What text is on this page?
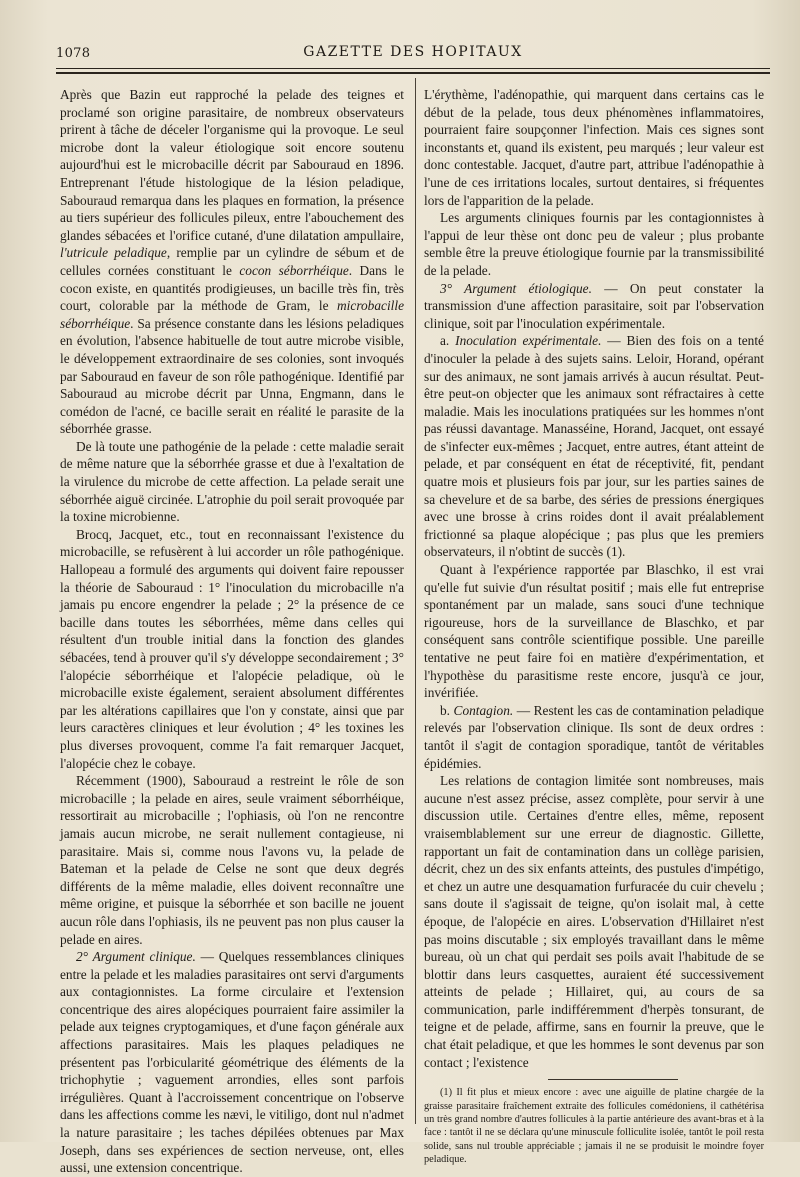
1078	GAZETTE DES HOPITAUX

Après que Bazin eut rapproché la pelade des teignes et proclamé son origine parasitaire, de nombreux observateurs prirent à tâche de déceler l'organisme qui la provoque. Le seul microbe dont la valeur étiologique soit encore soutenu aujourd'hui est le microbacille décrit par Sabouraud en 1896. Entreprenant l'étude histologique de la lésion peladique, Sabouraud remarqua dans les plaques en formation, la présence au tiers supérieur des follicules pileux, entre l'abouchement des glandes sébacées et l'orifice cutané, d'une dilatation ampullaire, l'utricule peladique, remplie par un cylindre de sébum et de cellules cornées constituant le cocon séborrhéique. Dans le cocon existe, en quantités prodigieuses, un bacille très fin, très court, colorable par la méthode de Gram, le microbacille séborrhéique. Sa présence constante dans les lésions peladiques en évolution, l'absence habituelle de tout autre microbe visible, le développement extraordinaire de ses colonies, sont invoqués par Sabouraud en faveur de son rôle pathogénique. Identifié par Sabouraud au microbe décrit par Unna, Engmann, dans le comédon de l'acné, ce bacille serait en réalité le parasite de la séborrhée grasse.

De là toute une pathogénie de la pelade : cette maladie serait de même nature que la séborrhée grasse et due à l'exaltation de la virulence du microbe de cette affection. La pelade serait une séborrhée aiguë circinée. L'atrophie du poil serait provoquée par la toxine microbienne.

Brocq, Jacquet, etc., tout en reconnaissant l'existence du microbacille, se refusèrent à lui accorder un rôle pathogénique. Hallopeau a formulé des arguments qui doivent faire repousser la théorie de Sabouraud : 1° l'inoculation du microbacille n'a jamais pu encore engendrer la pelade ; 2° la présence de ce bacille dans toutes les séborrhées, même dans celles qui résultent d'un trouble initial dans la fonction des glandes sébacées, tend à prouver qu'il s'y développe secondairement ; 3° l'alopécie séborrhéique et l'alopécie peladique, où le microbacille existe également, seraient absolument différentes par les altérations capillaires que l'on y constate, ainsi que par leurs caractères cliniques et leur évolution ; 4° les toxines les plus diverses provoquent, comme l'a fait remarquer Jacquet, l'alopécie chez le cobaye.

Récemment (1900), Sabouraud a restreint le rôle de son microbacille ; la pelade en aires, seule vraiment séborrhéique, ressortirait au microbacille ; l'ophiasis, où l'on ne rencontre jamais aucun microbe, ne serait nullement contagieuse, ni parasitaire. Mais si, comme nous l'avons vu, la pelade de Bateman et la pelade de Celse ne sont que deux degrés différents de la même maladie, elles doivent reconnaître une même origine, et puisque la séborrhée et son bacille ne jouent aucun rôle dans l'ophiasis, ils ne peuvent pas non plus causer la pelade en aires.

2° Argument clinique. — Quelques ressemblances cliniques entre la pelade et les maladies parasitaires ont servi d'arguments aux contagionnistes. La forme circulaire et l'extension concentrique des aires alopéciques pourraient faire assimiler la pelade aux teignes cryptogamiques, et d'une façon générale aux affections parasitaires. Mais les plaques peladiques ne présentent pas l'orbicularité géométrique des éléments de la trichophytie ; vaguement arrondies, elles sont parfois irrégulières. Quant à l'accroissement concentrique on l'observe dans les affections comme les nævi, le vitiligo, dont nul n'admet la nature parasitaire ; les taches dépilées obtenues par Max Joseph, dans ses expériences de section nerveuse, ont, elles aussi, une extension concentrique.

L'érythème, l'adénopathie, qui marquent dans certains cas le début de la pelade, tous deux phénomènes inflammatoires, pourraient faire soupçonner l'infection. Mais ces signes sont inconstants et, quand ils existent, peu marqués ; leur valeur est donc contestable. Jacquet, d'autre part, attribue l'adénopathie à l'une de ces irritations locales, surtout dentaires, si fréquentes lors de l'apparition de la pelade.

Les arguments cliniques fournis par les contagionnistes à l'appui de leur thèse ont donc peu de valeur ; plus probante semble être la preuve étiologique fournie par la transmissibilité de la pelade.

3° Argument étiologique. — On peut constater la transmission d'une affection parasitaire, soit par l'observation clinique, soit par l'inoculation expérimentale.

a. Inoculation expérimentale. — Bien des fois on a tenté d'inoculer la pelade à des sujets sains. Leloir, Horand, opérant sur des animaux, ne sont jamais arrivés à aucun résultat. Peut-être peut-on objecter que les animaux sont réfractaires à cette maladie. Mais les inoculations pratiquées sur les hommes n'ont pas réussi davantage. Manasséine, Horand, Jacquet, ont essayé de s'infecter eux-mêmes ; Jacquet, entre autres, étant atteint de pelade, et par conséquent en état de réceptivité, fit, pendant quatre mois et plusieurs fois par jour, sur les parties saines de sa chevelure et de sa barbe, des séries de pressions énergiques avec une brosse à crins roides dont il avait préalablement frictionné sa plaque alopécique ; pas plus que les premiers observateurs, il n'obtint de succès (1).

Quant à l'expérience rapportée par Blaschko, il est vrai qu'elle fut suivie d'un résultat positif ; mais elle fut entreprise spontanément par un malade, sans souci d'une technique rigoureuse, hors de la surveillance de Blaschko, et par conséquent sans contrôle scientifique possible. Une pareille tentative ne peut faire foi en matière d'expérimentation, et l'hypothèse du parasitisme reste encore, jusqu'à ce jour, invérifiée.

b. Contagion. — Restent les cas de contamination peladique relevés par l'observation clinique. Ils sont de deux ordres : tantôt il s'agit de contagion sporadique, tantôt de véritables épidémies.

Les relations de contagion limitée sont nombreuses, mais aucune n'est assez précise, assez complète, pour servir à une discussion utile. Certaines d'entre elles, même, reposent vraisemblablement sur une erreur de diagnostic. Gillette, rapportant un fait de contamination dans un collège parisien, décrit, chez un des six enfants atteints, des pustules d'impétigo, et chez un autre une desquamation furfuracée du cuir chevelu ; sans doute il s'agissait de teigne, qu'on isolait mal, à cette époque, de l'alopécie en aires. L'observation d'Hillairet n'est pas moins discutable ; six employés travaillant dans le même bureau, où un chat qui perdait ses poils avait l'habitude de se blottir dans leurs casquettes, auraient été successivement atteints de pelade ; Hillairet, qui, au cours de sa communication, parle indifféremment d'herpès tonsurant, de teigne et de pelade, affirme, sans en fournir la preuve, que le chat était peladique, et que les hommes le sont devenus par son contact ; l'existence

(1) Il fit plus et mieux encore : avec une aiguille de platine chargée de la graisse parasitaire fraîchement extraite des follicules comédoniens, il cathétérisa un très grand nombre d'autres follicules à la partie antérieure des avant-bras et à la face : tantôt il ne se déclara qu'une minuscule folliculite isolée, tantôt le poil resta solide, sans nul trouble appréciable ; jamais il ne se produisit le moindre foyer peladique.
